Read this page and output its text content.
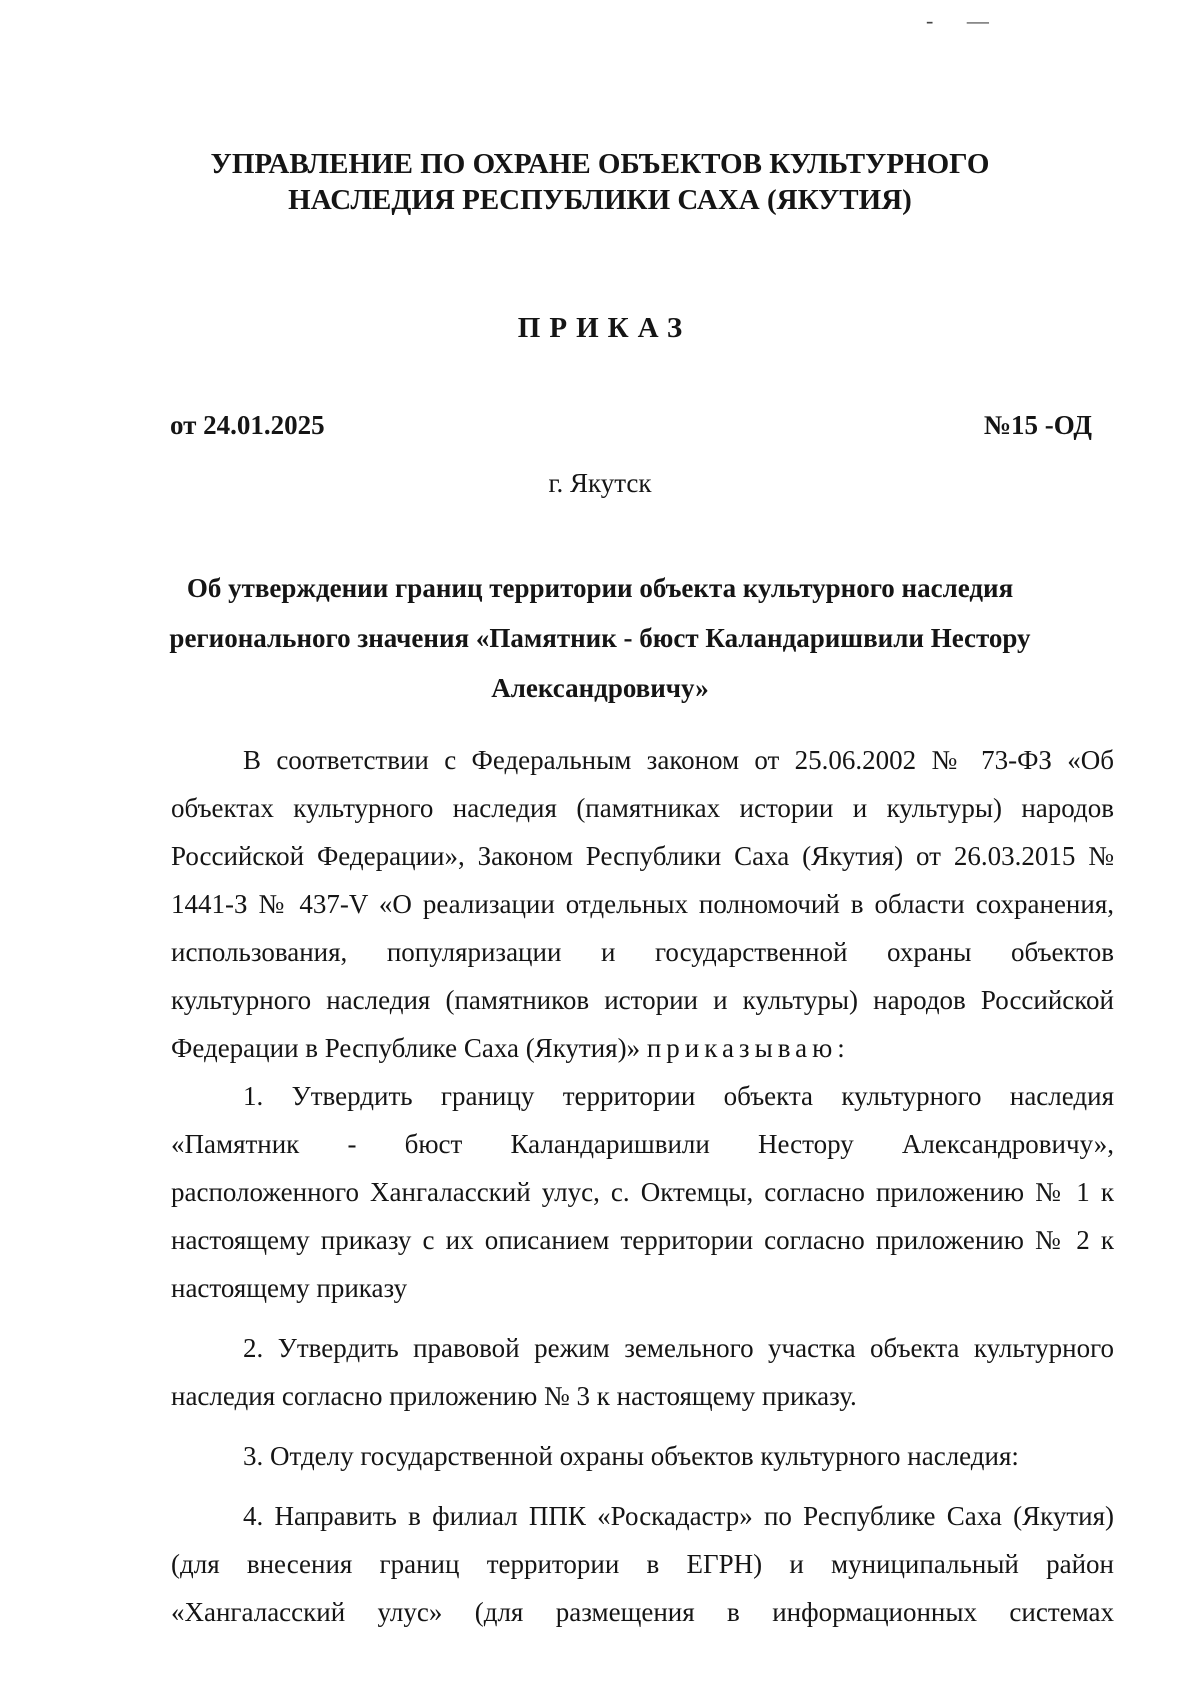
- —
УПРАВЛЕНИЕ ПО ОХРАНЕ ОБЪЕКТОВ КУЛЬТУРНОГО
НАСЛЕДИЯ РЕСПУБЛИКИ САХА (ЯКУТИЯ)
ПРИКАЗ
от 24.01.2025	№15 -ОД
г. Якутск
Об утверждении границ территории объекта культурного наследия
регионального значения «Памятник - бюст Каландаришвили Нестору
Александровичу»
В соответствии с Федеральным законом от 25.06.2002 № 73-ФЗ «Об
объектах культурного наследия (памятниках истории и культуры) народов
Российской Федерации», Законом Республики Саха (Якутия) от 26.03.2015 №
1441-З № 437-V «О реализации отдельных полномочий в области сохранения,
использования, популяризации и государственной охраны объектов
культурного наследия (памятников истории и культуры) народов Российской
Федерации в Республике Саха (Якутия)» приказываю:
1. Утвердить границу территории объекта культурного наследия
«Памятник - бюст Каландаришвили Нестору Александровичу»,
расположенного Хангаласский улус, с. Октемцы, согласно приложению № 1 к
настоящему приказу с их описанием территории согласно приложению № 2 к
настоящему приказу
2. Утвердить правовой режим земельного участка объекта культурного
наследия согласно приложению № 3 к настоящему приказу.
3. Отделу государственной охраны объектов культурного наследия:
4. Направить в филиал ППК «Роскадастр» по Республике Саха (Якутия)
(для внесения границ территории в ЕГРН) и муниципальный район
«Хангаласский улус» (для размещения в информационных системах
